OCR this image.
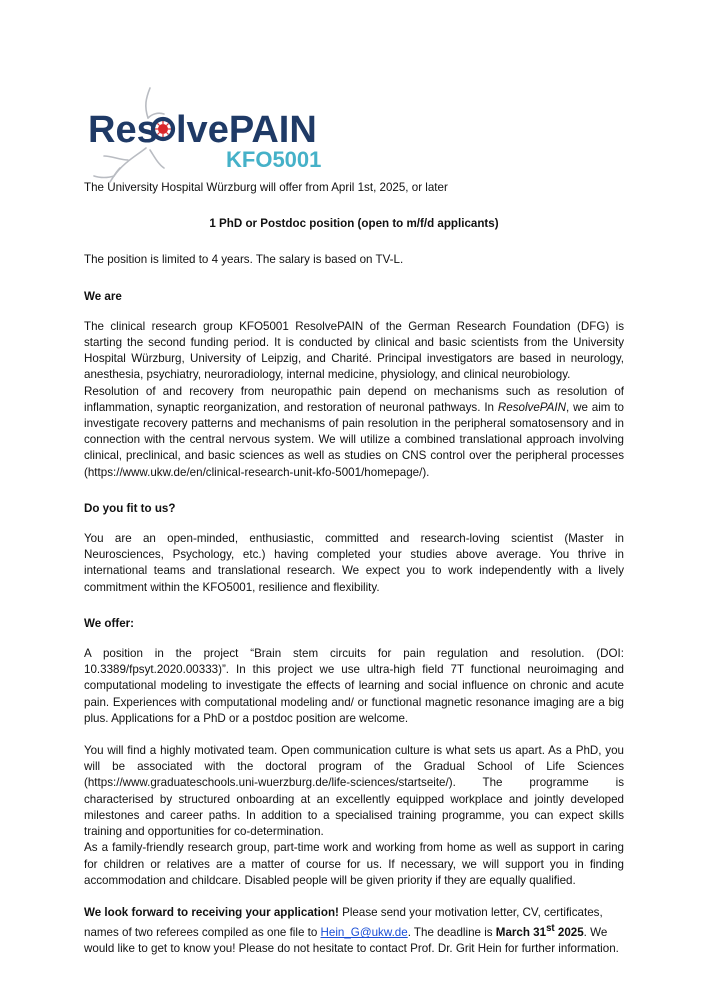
Res lvePAIN
KFO5001

The University Hospital Würzburg will offer from April 1st, 2025, or later

1 PhD or Postdoc position (open to m/f/d applicants)

The position is limited to 4 years. The salary is based on TV-L.

We are

The clinical research group KFO5001 ResolvePAIN of the German Research Foundation (DFG) is starting the second funding period. It is conducted by clinical and basic scientists from the University Hospital Würzburg, University of Leipzig, and Charité. Principal investigators are based in neurology, anesthesia, psychiatry, neuroradiology, internal medicine, physiology, and clinical neurobiology.

Resolution of and recovery from neuropathic pain depend on mechanisms such as resolution of inflammation, synaptic reorganization, and restoration of neuronal pathways. In ResolvePAIN, we aim to investigate recovery patterns and mechanisms of pain resolution in the peripheral somatosensory and in connection with the central nervous system. We will utilize a combined translational approach involving clinical, preclinical, and basic sciences as well as studies on CNS control over the peripheral processes (https://www.ukw.de/en/clinical-research-unit-kfo-5001/homepage/).

Do you fit to us?

You are an open-minded, enthusiastic, committed and research-loving scientist (Master in Neurosciences, Psychology, etc.) having completed your studies above average. You thrive in international teams and translational research. We expect you to work independently with a lively commitment within the KFO5001, resilience and flexibility.

We offer:

A position in the project “Brain stem circuits for pain regulation and resolution. (DOI: 10.3389/fpsyt.2020.00333)”. In this project we use ultra-high field 7T functional neuroimaging and computational modeling to investigate the effects of learning and social influence on chronic and acute pain. Experiences with computational modeling and/ or functional magnetic resonance imaging are a big plus. Applications for a PhD or a postdoc position are welcome.

You will find a highly motivated team. Open communication culture is what sets us apart. As a PhD, you will be associated with the doctoral program of the Gradual School of Life Sciences (https://www.graduateschools.uni-wuerzburg.de/life-sciences/startseite/). The programme is characterised by structured onboarding at an excellently equipped workplace and jointly developed milestones and career paths. In addition to a specialised training programme, you can expect skills training and opportunities for co-determination.

As a family-friendly research group, part-time work and working from home as well as support in caring for children or relatives are a matter of course for us. If necessary, we will support you in finding accommodation and childcare. Disabled people will be given priority if they are equally qualified.

We look forward to receiving your application! Please send your motivation letter, CV, certificates, names of two referees compiled as one file to Hein_G@ukw.de. The deadline is March 31st 2025. We would like to get to know you! Please do not hesitate to contact Prof. Dr. Grit Hein for further information.
